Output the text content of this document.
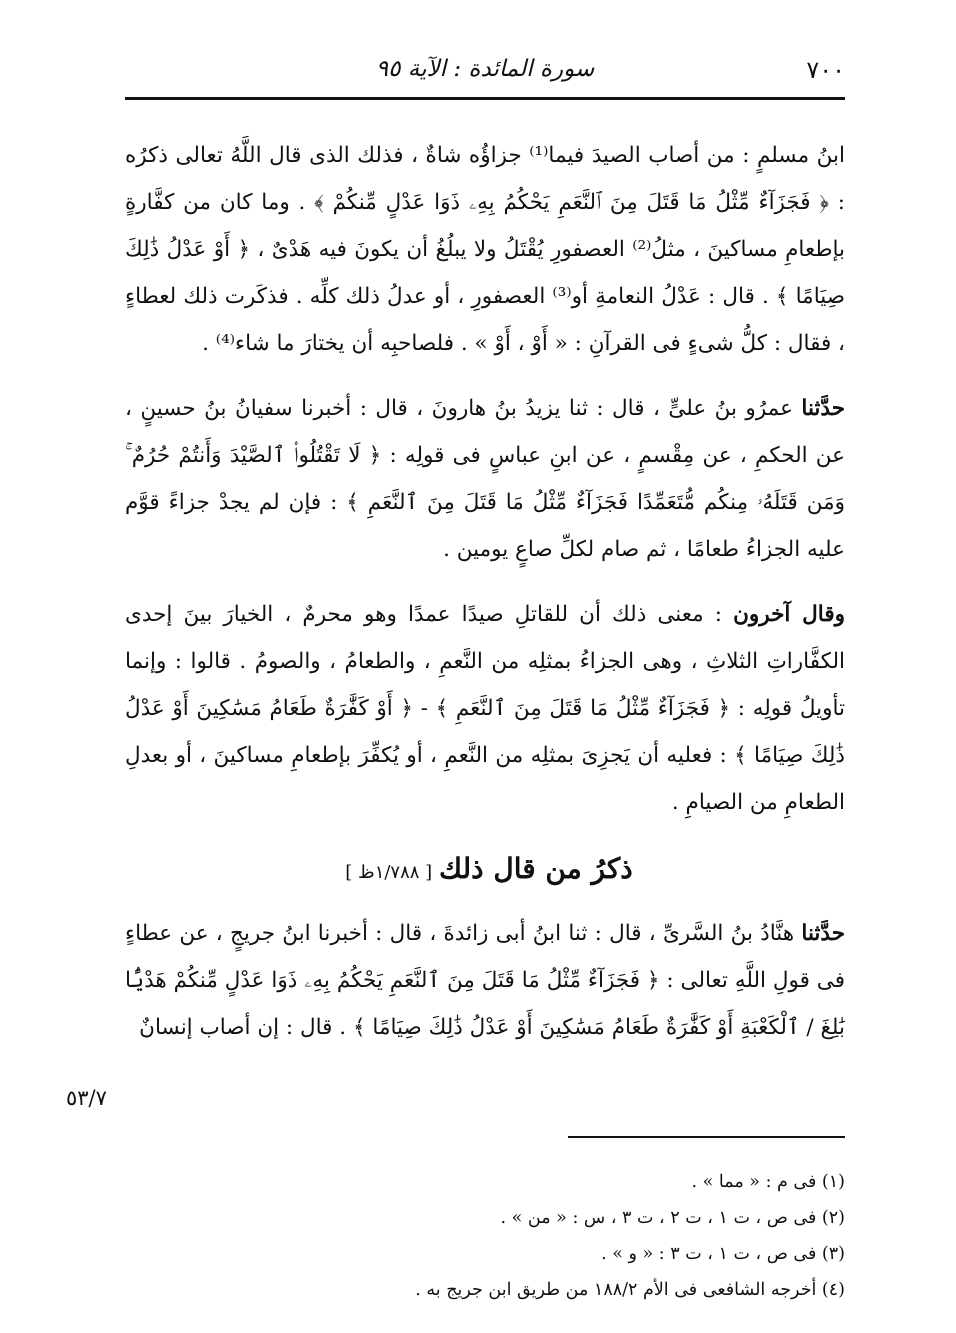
٧٠٠
سورة المائدة : الآية ٩٥

ابنُ مسلمٍ : من أصاب الصيدَ فيما⁽¹⁾ جزاؤُه شاةٌ ، فذلك الذى قال اللَّهُ تعالى ذكرُه : ﴿ فَجَزَآءٌ مِّثْلُ مَا قَتَلَ مِنَ ٱلنَّعَمِ يَحْكُمُ بِهِۦ ذَوَا عَدْلٍ مِّنكُمْ ﴾ . وما كان من كفَّارةٍ بإطعامِ مساكينَ ، مثلُ⁽²⁾ العصفورِ يُقْتَلُ ولا يبلُغُ أن يكونَ فيه هَدْىٌ ، ﴿ أَوْ عَدْلُ ذَٰلِكَ صِيَامًا ﴾ . قال : عَدْلُ النعامةِ أو⁽³⁾ العصفورِ ، أو عدلُ ذلك كلِّه . فذكَرت ذلك لعطاءٍ ، فقال : كلُّ شىءٍ فى القرآنِ : « أَوْ ، أَوْ » . فلصاحبِه أن يختارَ ما شاء⁽⁴⁾ .

حدَّثنا عمرُو بنُ علىٍّ ، قال : ثنا يزيدُ بنُ هارونَ ، قال : أخبرنا سفيانُ بنُ حسينٍ ، عن الحكمِ ، عن مِقْسمٍ ، عن ابنِ عباسٍ فى قولِه : ﴿ لَا تَقْتُلُوا۟ ٱلصَّيْدَ وَأَنتُمْ حُرُمٌ ۚ وَمَن قَتَلَهُۥ مِنكُم مُّتَعَمِّدًا فَجَزَآءٌ مِّثْلُ مَا قَتَلَ مِنَ ٱلنَّعَمِ ﴾ : فإن لم يجدْ جزاءً قوَّم عليه الجزاءُ طعامًا ، ثم صام لكلِّ صاعٍ يومين .

وقال آخرون : معنى ذلك أن للقاتلِ صيدًا عمدًا وهو محرمٌ ، الخيارَ بينَ إحدى الكفَّاراتِ الثلاثِ ، وهى الجزاءُ بمثلِه من النَّعمِ ، والطعامُ ، والصومُ . قالوا : وإنما تأويلُ قولِه : ﴿ فَجَزَآءٌ مِّثْلُ مَا قَتَلَ مِنَ ٱلنَّعَمِ ﴾ - ﴿ أَوْ كَفَّٰرَةٌ طَعَامُ مَسَٰكِينَ أَوْ عَدْلُ ذَٰلِكَ صِيَامًا ﴾ : فعليه أن يَجزِىَ بمثلِه من النَّعمِ ، أو يُكفِّرَ بإطعامِ مساكينَ ، أو بعدلِ الطعامِ من الصيامِ .

ذكرُ من قال ذلك [ ١/٧٨٨ظ ]

حدَّثنا هنَّادُ بنُ السَّرىِّ ، قال : ثنا ابنُ أبى زائدةَ ، قال : أخبرنا ابنُ جريجٍ ، عن عطاءٍ فى قولِ اللَّهِ تعالى : ﴿ فَجَزَآءٌ مِّثْلُ مَا قَتَلَ مِنَ ٱلنَّعَمِ يَحْكُمُ بِهِۦ ذَوَا عَدْلٍ مِّنكُمْ هَدْيًۢا بَٰلِغَ / ٱلْكَعْبَةِ أَوْ كَفَّٰرَةٌ طَعَامُ مَسَٰكِينَ أَوْ عَدْلُ ذَٰلِكَ صِيَامًا ﴾ . قال : إن أصاب إنسانٌ

٥٣/٧

(١) فى م : « مما » .

(٢) فى ص ، ت ١ ، ت ٢ ، ت ٣ ، س : « من » .

(٣) فى ص ، ت ١ ، ت ٣ : « و » .

(٤) أخرجه الشافعى فى الأم ١٨٨/٢ من طريق ابن جريج به .
